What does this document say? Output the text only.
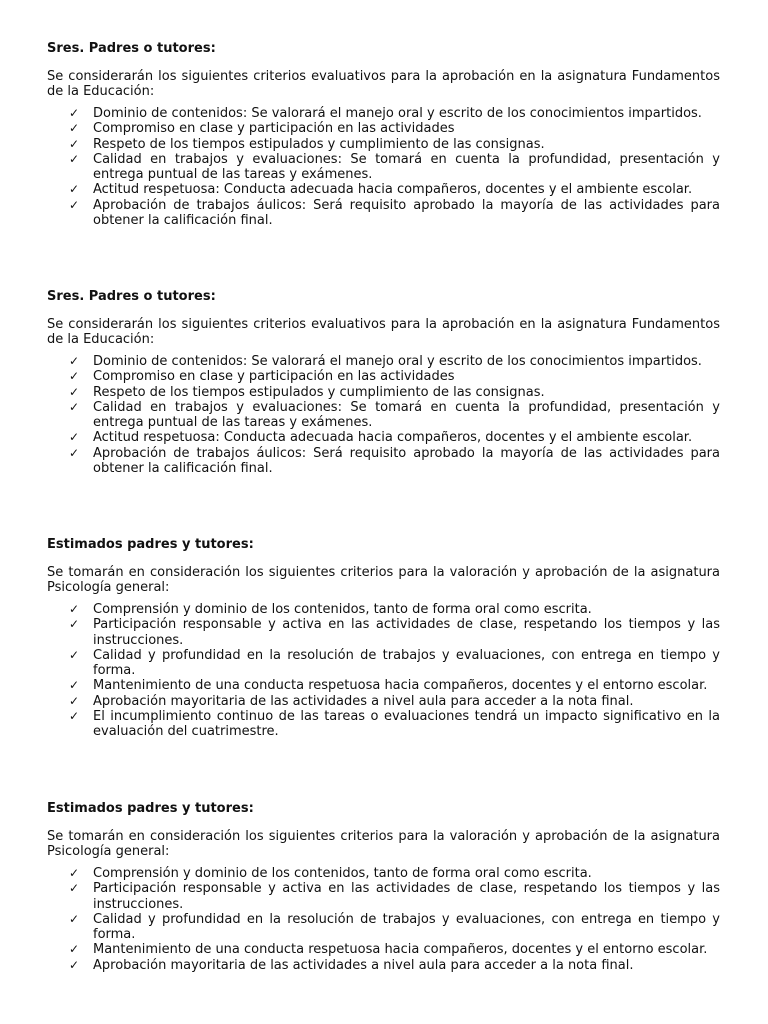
Sres. Padres o tutores:

Se considerarán los siguientes criterios evaluativos para la aprobación en la asignatura Fundamentos de la Educación:

✓	Dominio de contenidos: Se valorará el manejo oral y escrito de los conocimientos impartidos.
✓	Compromiso en clase y participación en las actividades
✓	Respeto de los tiempos estipulados y cumplimiento de las consignas.
✓	Calidad en trabajos y evaluaciones: Se tomará en cuenta la profundidad, presentación y entrega puntual de las tareas y exámenes.
✓	Actitud respetuosa: Conducta adecuada hacia compañeros, docentes y el ambiente escolar.
✓	Aprobación de trabajos áulicos: Será requisito aprobado la mayoría de las actividades para obtener la calificación final.

Sres. Padres o tutores:

Se considerarán los siguientes criterios evaluativos para la aprobación en la asignatura Fundamentos de la Educación:

✓	Dominio de contenidos: Se valorará el manejo oral y escrito de los conocimientos impartidos.
✓	Compromiso en clase y participación en las actividades
✓	Respeto de los tiempos estipulados y cumplimiento de las consignas.
✓	Calidad en trabajos y evaluaciones: Se tomará en cuenta la profundidad, presentación y entrega puntual de las tareas y exámenes.
✓	Actitud respetuosa: Conducta adecuada hacia compañeros, docentes y el ambiente escolar.
✓	Aprobación de trabajos áulicos: Será requisito aprobado la mayoría de las actividades para obtener la calificación final.

Estimados padres y tutores:

Se tomarán en consideración los siguientes criterios para la valoración y aprobación de la asignatura Psicología general:

✓	Comprensión y dominio de los contenidos, tanto de forma oral como escrita.
✓	Participación responsable y activa en las actividades de clase, respetando los tiempos y las instrucciones.
✓	Calidad y profundidad en la resolución de trabajos y evaluaciones, con entrega en tiempo y forma.
✓	Mantenimiento de una conducta respetuosa hacia compañeros, docentes y el entorno escolar.
✓	Aprobación mayoritaria de las actividades a nivel aula para acceder a la nota final.
✓	El incumplimiento continuo de las tareas o evaluaciones tendrá un impacto significativo en la evaluación del cuatrimestre.

Estimados padres y tutores:

Se tomarán en consideración los siguientes criterios para la valoración y aprobación de la asignatura Psicología general:

✓	Comprensión y dominio de los contenidos, tanto de forma oral como escrita.
✓	Participación responsable y activa en las actividades de clase, respetando los tiempos y las instrucciones.
✓	Calidad y profundidad en la resolución de trabajos y evaluaciones, con entrega en tiempo y forma.
✓	Mantenimiento de una conducta respetuosa hacia compañeros, docentes y el entorno escolar.
✓	Aprobación mayoritaria de las actividades a nivel aula para acceder a la nota final.
